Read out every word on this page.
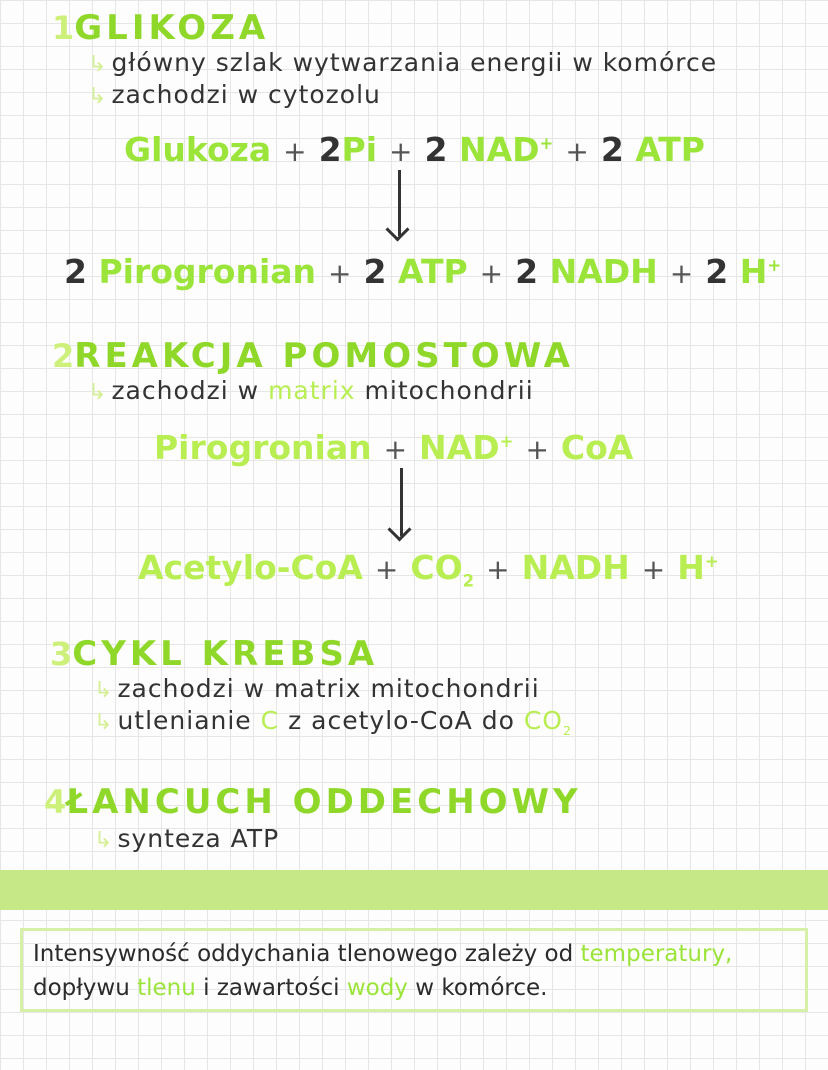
1GLIKOZA
↳ główny szlak wytwarzania energii w komórce
↳ zachodzi w cytozolu
Glukoza + 2Pi + 2 NAD+ + 2 ATP
2 Pirogronian + 2 ATP + 2 NADH + 2 H+
2REAKCJA POMOSTOWA
↳ zachodzi w matrix mitochondrii
Pirogronian + NAD+ + CoA
Acetylo-CoA + $CO_2$ + NADH + H+
3CYKL KREBSA
↳ zachodzi w matrix mitochondrii
↳ utlenianie C z acetylo-CoA do $CO_2$
4ŁANCUCH ODDECHOWY
↳ synteza ATP
Intensywność oddychania tlenowego zależy od temperatury,
dopływu tlenu i zawartości wody w komórce.
